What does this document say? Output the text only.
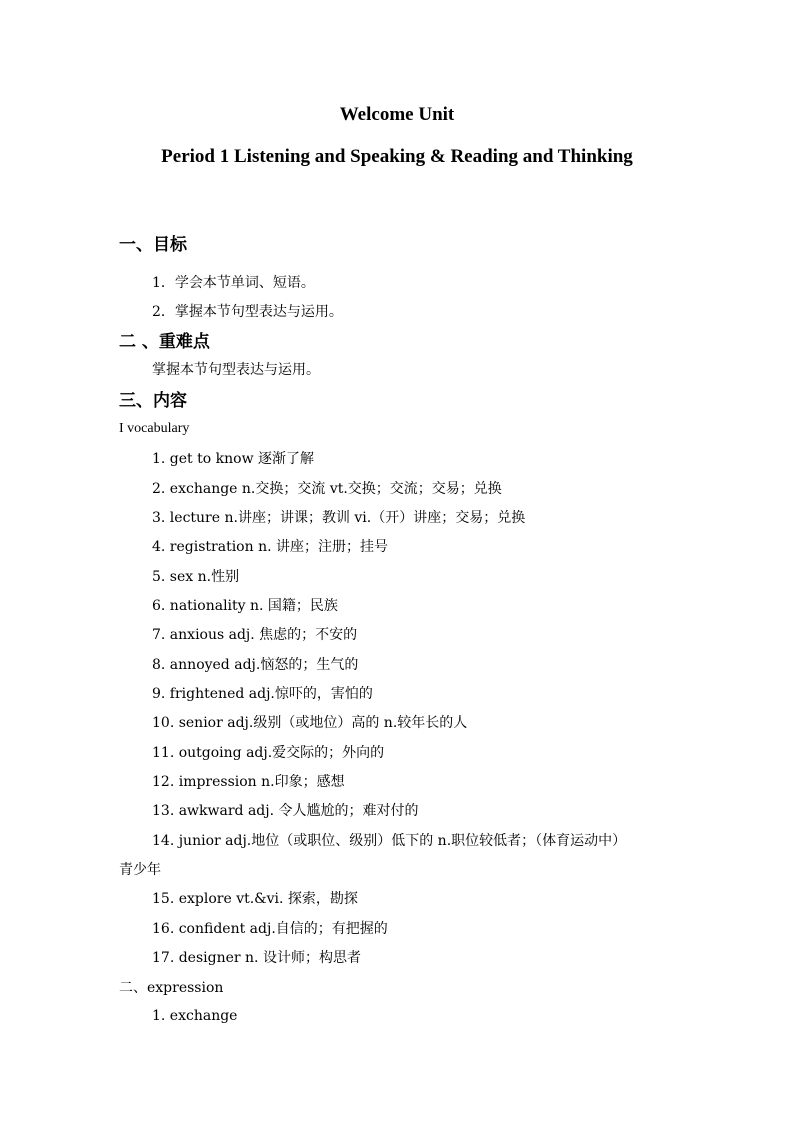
Welcome Unit
Period 1 Listening and Speaking & Reading and Thinking
一、目标
1．学会本节单词、短语。
2．掌握本节句型表达与运用。
二 、重难点
掌握本节句型表达与运用。
三、内容
I vocabulary
1. get to know 逐渐了解
2. exchange n.交换；交流 vt.交换；交流；交易；兑换
3. lecture n.讲座；讲课；教训 vi.（开）讲座；交易；兑换
4. registration n. 讲座；注册；挂号
5. sex n.性别
6. nationality n. 国籍；民族
7. anxious adj. 焦虑的；不安的
8. annoyed adj.恼怒的；生气的
9. frightened adj.惊吓的，害怕的
10. senior adj.级别（或地位）高的 n.较年长的人
11. outgoing adj.爱交际的；外向的
12. impression n.印象；感想
13. awkward adj. 令人尴尬的；难对付的
14. junior adj.地位（或职位、级别）低下的 n.职位较低者；（体育运动中）
青少年
15. explore vt.&vi. 探索，勘探
16. confident adj.自信的；有把握的
17. designer n. 设计师；构思者
二、expression
1. exchange
